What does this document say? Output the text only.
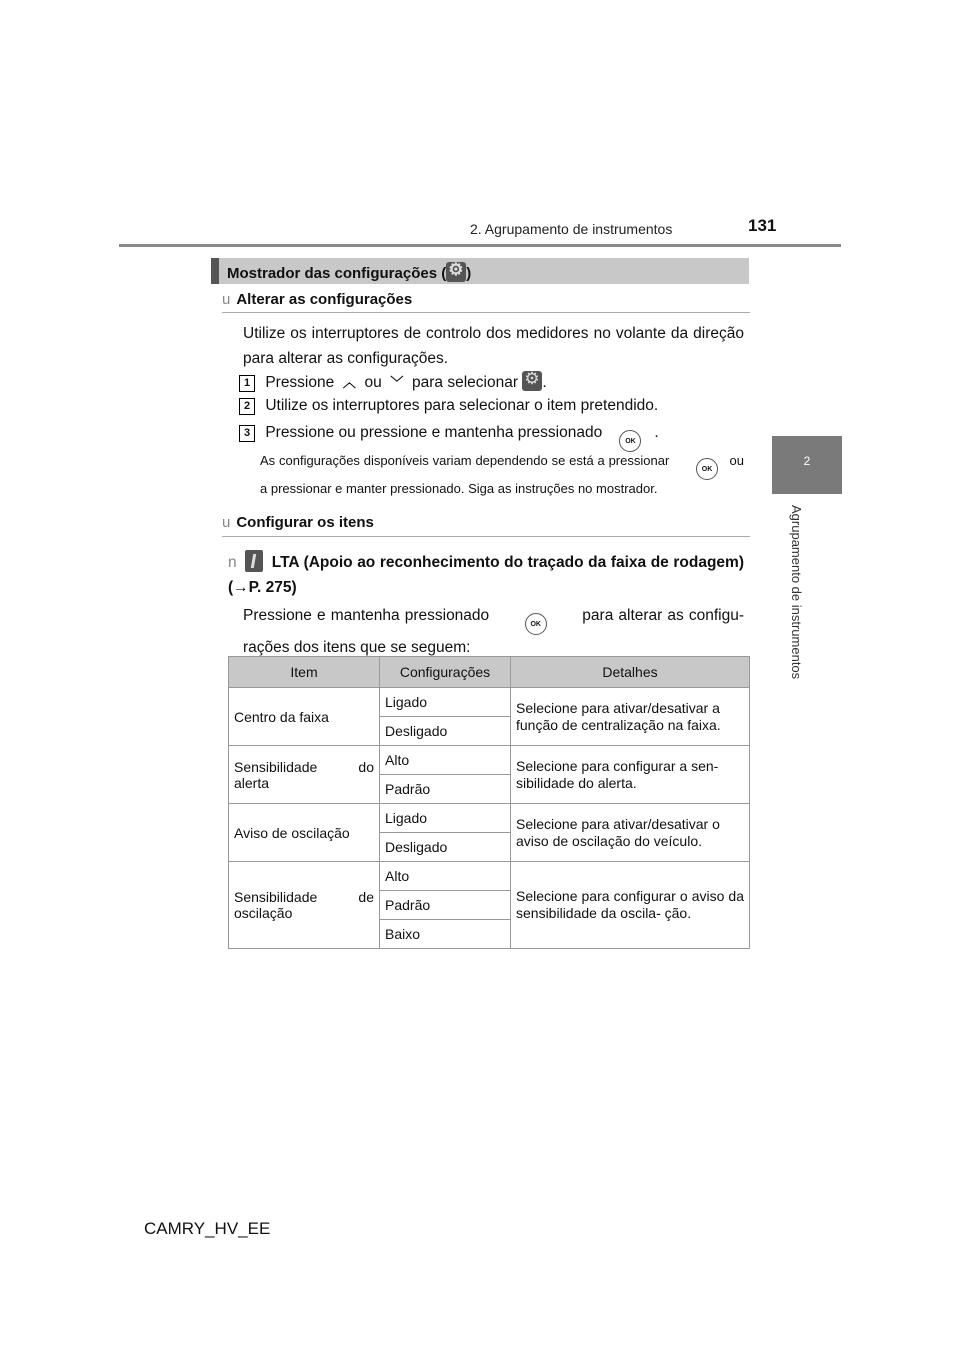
2. Agrupamento de instrumentos	131
2
Agrupamento de instrumentos
Mostrador das configurações ( ⚙ )
u Alterar as configurações
Utilize os interruptores de controlo dos medidores no volante da direção para alterar as configurações.
1 Pressione ︿ ou ﹀ para selecionar ⚙ .
2 Utilize os interruptores para selecionar o item pretendido.
3 Pressione ou pressione e mantenha pressionado    OK   .
As configurações disponíveis variam dependendo se está a pressionar       OK   ou a pressionar e manter pressionado. Siga as instruções no mostrador.
u Configurar os itens
n LTA (Apoio ao reconhecimento do traçado da faixa de rodagem) (→P. 275)
Pressione e mantenha pressionado       OK       para alterar as configu- rações dos itens que se seguem:
Item	Configurações	Detalhes
Centro da faixa	Ligado	Selecione para ativar/desativar a função de centralização na faixa.
	Desligado	
Sensibilidade do alerta	Alto	Selecione para configurar a sen- sibilidade do alerta.
	Padrão	
Aviso de oscilação	Ligado	Selecione para ativar/desativar o aviso de oscilação do veículo.
	Desligado	
Sensibilidade de oscilação	Alto	Selecione para configurar o aviso da sensibilidade da oscila- ção.
	Padrão	
	Baixo	
CAMRY_HV_EE
